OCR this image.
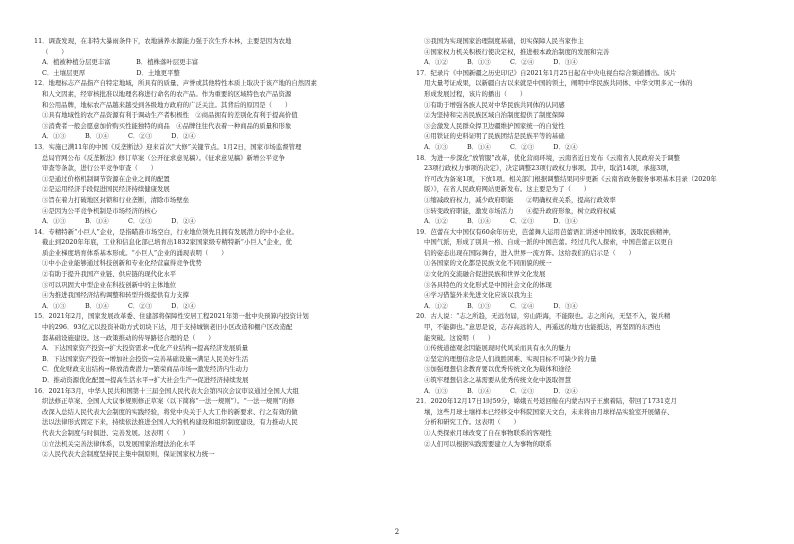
11．调查发现，在非特大暴雨条件下，农地涵养水源能力强于次生乔木林，主要是因为农地
（　　）
A．植被种植分层更丰富　　　　B．植株落叶层更丰富
C．土壤层更厚　　　　　　　　D．土地更平整
12．地理标志产品指产自特定地域，所具有的质量、声誉或其他特性本质上取决于该产地的自然因素
和人文因素，经审核批准以地理名称进行命名的农产品。作为重要的区域特色农产品资源
和公用品牌，地标农产品越来越受到各级地方政府的广泛关注。其背后的原因是（　　）
①具有地域性的农产品资源有利于调动生产者积极性　②商品拥有的差别化有利于提高价值
③消费者一般会愿意加价购买性能独特的商品　④品牌往往代表着一种商品的质量和形象
A．①③　　　B．①④　　　C．②③　　　D．②④
13．实施已满11年的中国《反垄断法》迎来首次“大修”关键节点。1月2日，国家市场监督管理
总局官网公布《反垄断法》修订草案（公开征求意见稿）。《征求意见稿》新增公平竞争
审查等条款，进行公平竞争审查（　　）
①是通过价格机制调节资源在企业之间的配置
②是运用经济手段促进国民经济持续健康发展
③旨在着力打破地区封锁和行业垄断，清除市场壁垒
④是因为公平竞争机制是市场经济的核心
A．①③　　　B．①④　　　C．②③　　　D．②④
14．专精特新“小巨人”企业，是指瞄准市场空白，行业地位领先且拥有发展潜力的中小企业。
截止到2020年年底，工业和信息化部已培育出1832家国家级专精特新“小巨人”企业，优
质企业梯度培育体系基本形成。“小巨人”企业的涌现表明（　　）
①中小企业能够通过科技创新和专业化经营赢得竞争优势
②有助于提升我国产业链、供应链的现代化水平
③可以巩固大中型企业在科技创新中的主体地位
④为推进我国经济结构调整和转型升级提供有力支撑
A．①③　　　B．①④　　　C．②③　　　D．②④
15．2021年2月，国家发展改革委、住建部将保障性安居工程2021年第一批中央预算内投资计划
中的296．93亿元以投资补助方式切块下达，用于支持城镇老旧小区改造和棚户区改造配
套基础设施建设。这一政策推动的传导路径合理的是（　　）
A．下达国家资产投资→扩大投资需求→优化产业结构→提高经济发展质量
B．下达国家资产投资→增加社会投资→完善基础设施→满足人民美好生活
C．优化财政支出结构→释放消费潜力→繁荣商品市场→激发经济内生动力
D．推动资源优化配置→提高生活水平→扩大社会生产→促进经济持续发展
16．2021年3月，中华人民共和国第十三届全国人民代表大会第四次会议审议通过全国人大组
织法修正草案、全国人大议事规则修正草案（以下简称“一法一规则”）。“一法一规则”的修
改深入总结人民代表大会制度的实践经验，将党中央关于人大工作的新要求、行之有效的做
法以法律形式固定下来，持续依法推进全国人大的机构建设和组织制度建设，有力推动人民
代表大会制度与时俱进、完善发展。这表明（　　）
①立法机关完善法律体系，以发展国家治理法治化水平
②人民代表大会制度坚持民主集中制原则，保证国家权力统一
③我国为实现国家治理制度基础，切实保障人民当家作主
④国家权力机关积极行使决定权，推进根本政治制度的发展和完善
A．①②　　　B．①③　　　C．②④　　　D．③④
17．纪录片《中国新疆之历史印记》自2021年1月25日起在中央电视台综合频道播出。该片
用大量考证成果，以新疆自古以来就是中国的领土，阐明中华民族共同体、中华文明多元一体的
形成发展过程，该片的播出（　　）
①有助于增强各族人民对中华民族共同体的认同感
②为坚持和完善民族区域自治制度提供了制度保障
③会激发人民群众捍卫边疆维护国家统一的自觉性
④用铁证的史料证明了民族团结是民族平等的基础
A．①③　　　B．①④　　　C．②③　　　D．②④
18．为进一步深化“放管服”改革，优化营商环境，云南省近日发布《云南省人民政府关于调整
23项行政权力事项的决定》，决定调整23项行政权力事项。其中，取消14项，承接3项，
许可改为备案1项，下放1项。相关部门根据调整结果同步更新《云南省政务服务事项基本目录（2020年
版）》，在省人民政府网站更新发布。这主要是为了（　　）
①缩减政府权力，减少政府职能　　②明确权责关系，提高行政效率
③转变政府职能，激发市场活力　　④提升政府形象，树立政府权威
A．①②　　　B．①④　　　C．②③　　　D．③④
19．芭蕾在大中国仅有60余年历史，芭蕾舞人运用芭蕾语汇讲述中国故事，汲取民族精神，
中国气派，形成了别具一格、自成一派的中国芭蕾。经过几代人探索，中国芭蕾正以更自
信的姿态出现在国际舞台，进入世界一流方阵。这给我们的启示是（　　）
①各国家的文化都是民族文化不同面貌的统一
②文化的交流融合促进民族和世界文化发展
③各具特色的文化形式是中国社会文化的体现
④学习借鉴外来先进文化应该以我为主
A．①②　　　B．①③　　　C．②④　　　D．③④
20．古人说：“志之所趋，无远勿届，穷山距海，不能限也。志之所向，无坚不入，锐兵精
甲，不能御也。”意思是说，志存高远的人，再遥远的地方也能抵达，再坚固的东西也
能突破。这说明（　　）
①传统道德观念因能展现时代风采而具有永久的魅力
②坚定的理想信念是人们战胜困难、实现目标不可缺少的力量
③加强理想信念教育要以优秀传统文化为载体和途径
④筑牢理想信念之基需要从优秀传统文化中汲取智慧
A．①③　　　B．①④　　　C．②③　　　D．②④
21．2020年12月17日1时59分，嫦娥五号返回舱在内蒙古四子王旗着陆，带回了1731克月
壤，这些月球土壤样本已经移交中科院国家天文台，未来将由月球样品实验室开展储存、
分析和研究工作。这表明（　　）
①人类探索月球改变了自在事物联系的客观性
②人们可以根据实践需要建立人为事物的联系
2
